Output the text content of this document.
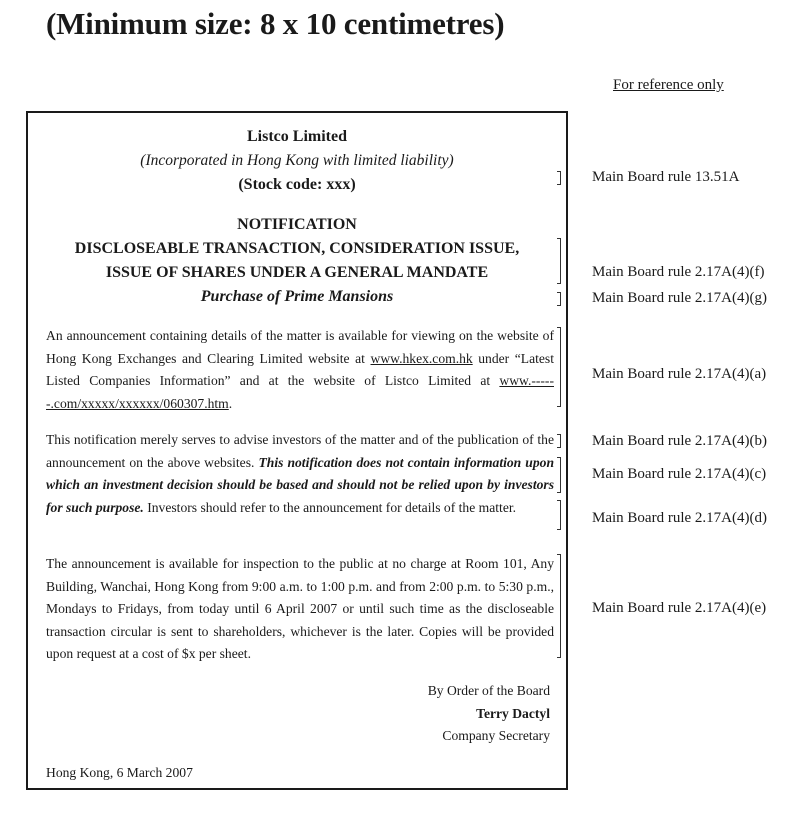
(Minimum size: 8 x 10 centimetres)
For reference only
Listco Limited
(Incorporated in Hong Kong with limited liability)
(Stock code: xxx)
NOTIFICATION
DISCLOSEABLE TRANSACTION, CONSIDERATION ISSUE,
ISSUE OF SHARES UNDER A GENERAL MANDATE
Purchase of Prime Mansions
An announcement containing details of the matter is available for viewing on the website of Hong Kong Exchanges and Clearing Limited website at www.hkex.com.hk under “Latest Listed Companies Information” and at the website of Listco Limited at www.------.com/xxxxx/xxxxxx/060307.htm.
This notification merely serves to advise investors of the matter and of the publication of the announcement on the above websites. This notification does not contain information upon which an investment decision should be based and should not be relied upon by investors for such purpose. Investors should refer to the announcement for details of the matter.
The announcement is available for inspection to the public at no charge at Room 101, Any Building, Wanchai, Hong Kong from 9:00 a.m. to 1:00 p.m. and from 2:00 p.m. to 5:30 p.m., Mondays to Fridays, from today until 6 April 2007 or until such time as the discloseable transaction circular is sent to shareholders, whichever is the later. Copies will be provided upon request at a cost of $x per sheet.
By Order of the Board
Terry Dactyl
Company Secretary
Hong Kong, 6 March 2007
Main Board rule 13.51A
Main Board rule 2.17A(4)(f)
Main Board rule 2.17A(4)(g)
Main Board rule 2.17A(4)(a)
Main Board rule 2.17A(4)(b)
Main Board rule 2.17A(4)(c)
Main Board rule 2.17A(4)(d)
Main Board rule 2.17A(4)(e)
